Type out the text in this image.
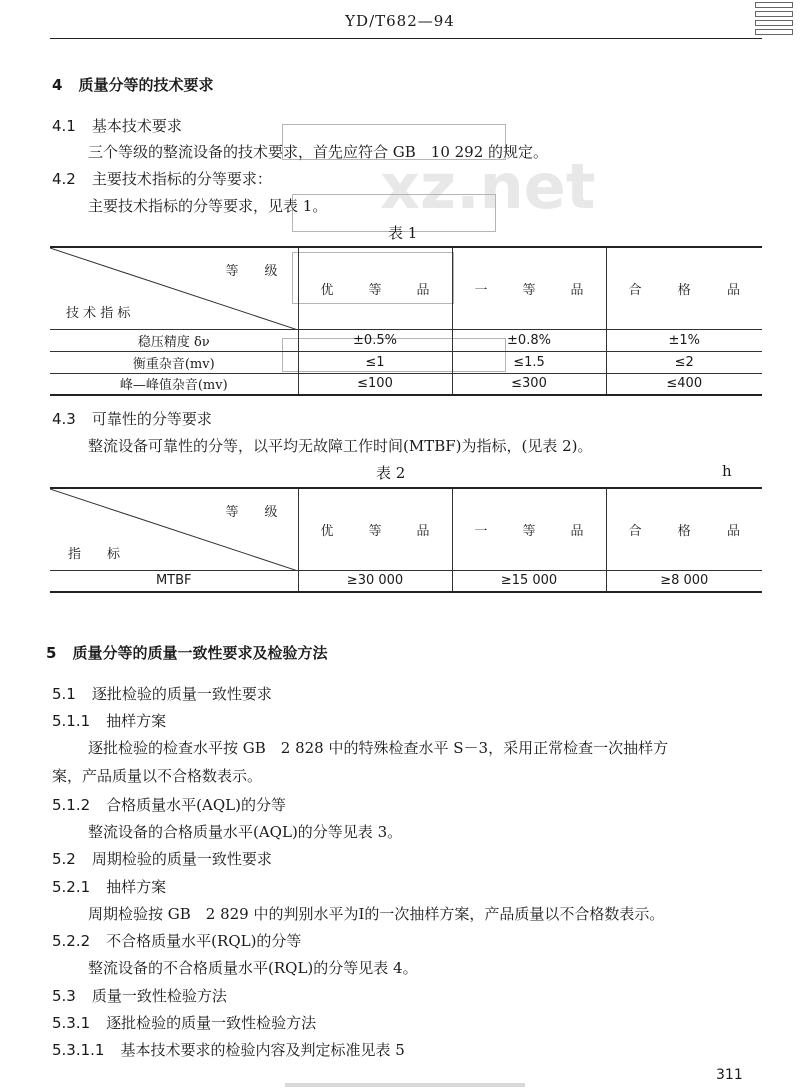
YD/T682—94
xz.net
4 质量分等的技术要求
4.1 基本技术要求
三个等级的整流设备的技术要求，首先应符合 GB　10 292 的规定。
4.2 主要技术指标的分等要求：
主要技术指标的分等要求，见表 1。
表 1
等　　级
技 术 指 标	优 等 品	一 等 品	合 格 品

稳压精度 δν	±0.5%	±0.8%	±1%
衡重杂音(mv)	≤1	≤1.5	≤2
峰—峰值杂音(mv)	≤100	≤300	≤400
4.3 可靠性的分等要求
整流设备可靠性的分等，以平均无故障工作时间(MTBF)为指标，(见表 2)。
表 2	h
等　　级
指　　标	优 等 品	一 等 品	合 格 品

MTBF	≥30 000	≥15 000	≥8 000
5 质量分等的质量一致性要求及检验方法
5.1 逐批检验的质量一致性要求
5.1.1 抽样方案
逐批检验的检查水平按 GB　2 828 中的特殊检查水平 S－3，采用正常检查一次抽样方
案，产品质量以不合格数表示。
5.1.2 合格质量水平(AQL)的分等
整流设备的合格质量水平(AQL)的分等见表 3。
5.2 周期检验的质量一致性要求
5.2.1 抽样方案
周期检验按 GB　2 829 中的判别水平为Ⅰ的一次抽样方案，产品质量以不合格数表示。
5.2.2 不合格质量水平(RQL)的分等
整流设备的不合格质量水平(RQL)的分等见表 4。
5.3 质量一致性检验方法
5.3.1 逐批检验的质量一致性检验方法
5.3.1.1 基本技术要求的检验内容及判定标准见表 5
311
